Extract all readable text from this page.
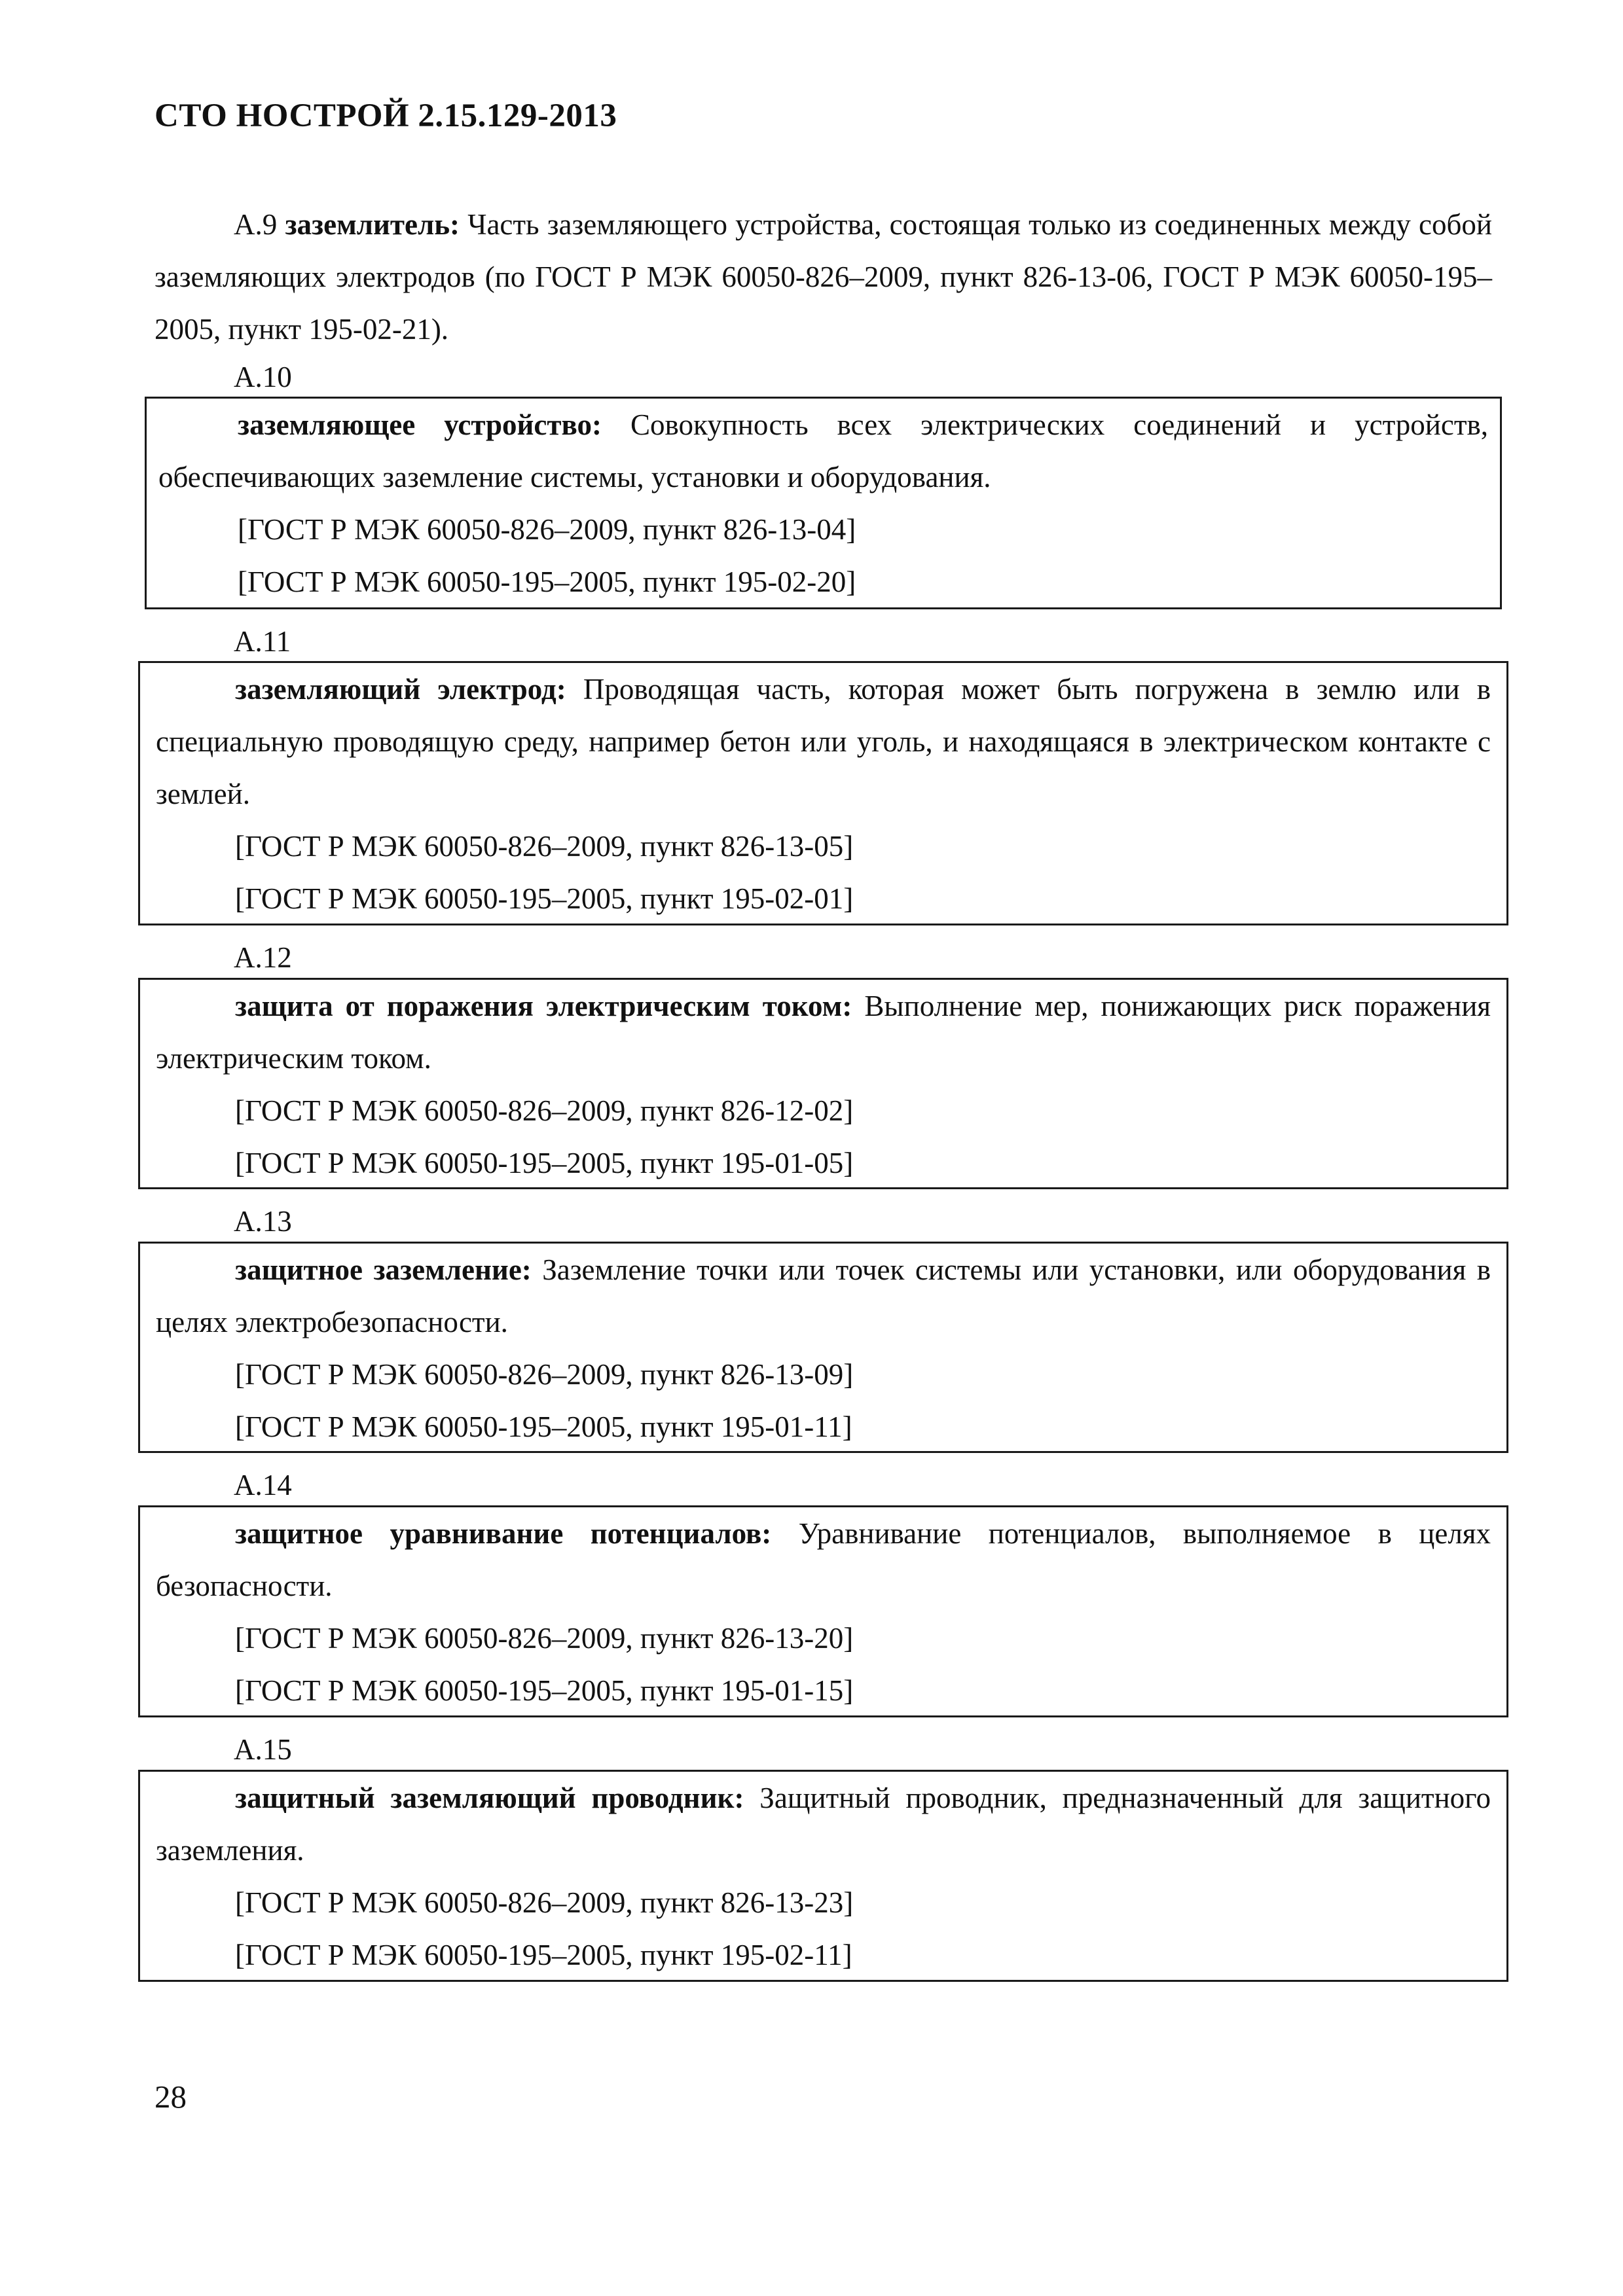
СТО НОСТРОЙ 2.15.129-2013

А.9 заземлитель: Часть заземляющего устройства, состоящая только из соединенных между собой заземляющих электродов (по ГОСТ Р МЭК 60050-826–2009, пункт 826-13-06, ГОСТ Р МЭК 60050-195–2005, пункт 195-02-21).

А.10

заземляющее устройство: Совокупность всех электрических соединений и устройств, обеспечивающих заземление системы, установки и оборудования.

[ГОСТ Р МЭК 60050-826–2009, пункт 826-13-04]

[ГОСТ Р МЭК 60050-195–2005, пункт 195-02-20]

А.11

заземляющий электрод: Проводящая часть, которая может быть погружена в землю или в специальную проводящую среду, например бетон или уголь, и находящаяся в электрическом контакте с землей.

[ГОСТ Р МЭК 60050-826–2009, пункт 826-13-05]

[ГОСТ Р МЭК 60050-195–2005, пункт 195-02-01]

А.12

защита от поражения электрическим током: Выполнение мер, понижающих риск поражения электрическим током.

[ГОСТ Р МЭК 60050-826–2009, пункт 826-12-02]

[ГОСТ Р МЭК 60050-195–2005, пункт 195-01-05]

А.13

защитное заземление: Заземление точки или точек системы или установки, или оборудования в целях электробезопасности.

[ГОСТ Р МЭК 60050-826–2009, пункт 826-13-09]

[ГОСТ Р МЭК 60050-195–2005, пункт 195-01-11]

А.14

защитное уравнивание потенциалов: Уравнивание потенциалов, выполняемое в целях безопасности.

[ГОСТ Р МЭК 60050-826–2009, пункт 826-13-20]

[ГОСТ Р МЭК 60050-195–2005, пункт 195-01-15]

А.15

защитный заземляющий проводник: Защитный проводник, предназначенный для защитного заземления.

[ГОСТ Р МЭК 60050-826–2009, пункт 826-13-23]

[ГОСТ Р МЭК 60050-195–2005, пункт 195-02-11]

28
